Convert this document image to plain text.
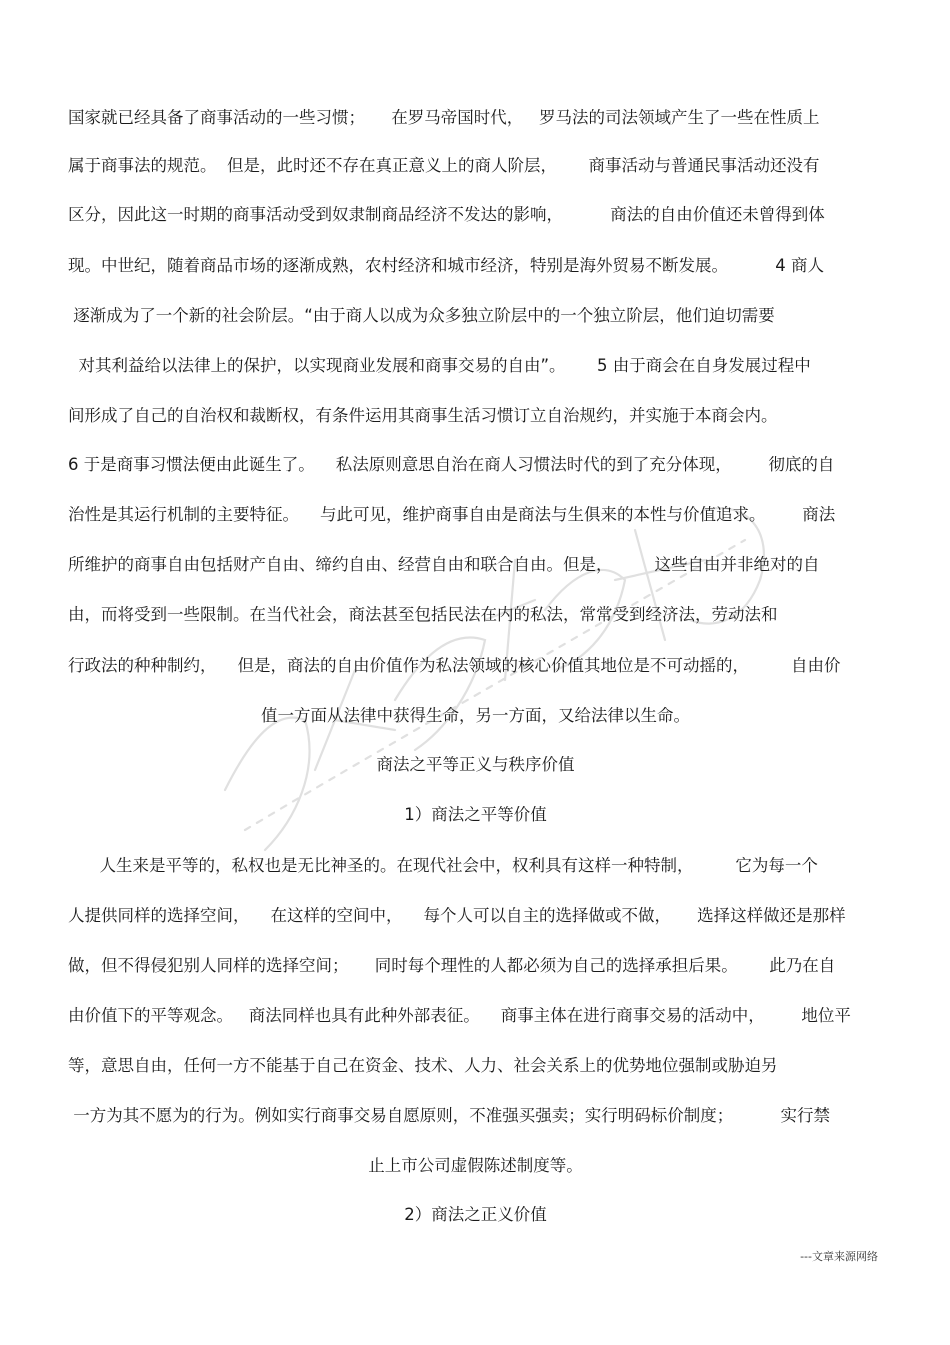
国家就已经具备了商事活动的一些习惯；     在罗马帝国时代，   罗马法的司法领域产生了一些在性质上
属于商事法的规范。  但是，此时还不存在真正意义上的商人阶层，      商事活动与普通民事活动还没有
区分，因此这一时期的商事活动受到奴隶制商品经济不发达的影响，         商法的自由价值还未曾得到体
现。中世纪，随着商品市场的逐渐成熟，农村经济和城市经济，特别是海外贸易不断发展。         4 商人
逐渐成为了一个新的社会阶层。“由于商人以成为众多独立阶层中的一个独立阶层，他们迫切需要
对其利益给以法律上的保护，以实现商业发展和商事交易的自由”。      5 由于商会在自身发展过程中
间形成了自己的自治权和裁断权，有条件运用其商事生活习惯订立自治规约，并实施于本商会内。
6 于是商事习惯法便由此诞生了。    私法原则意思自治在商人习惯法时代的到了充分体现，       彻底的自
治性是其运行机制的主要特征。    与此可见，维护商事自由是商法与生俱来的本性与价值追求。       商法
所维护的商事自由包括财产自由、缔约自由、经营自由和联合自由。但是，        这些自由并非绝对的自
由，而将受到一些限制。在当代社会，商法甚至包括民法在内的私法，常常受到经济法，劳动法和
行政法的种种制约，    但是，商法的自由价值作为私法领域的核心价值其地位是不可动摇的，        自由价
值一方面从法律中获得生命，另一方面，又给法律以生命。
商法之平等正义与秩序价值
1）商法之平等价值
人生来是平等的，私权也是无比神圣的。在现代社会中，权利具有这样一种特制，        它为每一个
人提供同样的选择空间，    在这样的空间中，    每个人可以自主的选择做或不做，     选择这样做还是那样
做，但不得侵犯别人同样的选择空间；     同时每个理性的人都必须为自己的选择承担后果。      此乃在自
由价值下的平等观念。   商法同样也具有此种外部表征。    商事主体在进行商事交易的活动中，       地位平
等，意思自由，任何一方不能基于自己在资金、技术、人力、社会关系上的优势地位强制或胁迫另
一方为其不愿为的行为。例如实行商事交易自愿原则，不准强买强卖；实行明码标价制度；         实行禁
止上市公司虚假陈述制度等。
2）商法之正义价值
---文章来源网络
